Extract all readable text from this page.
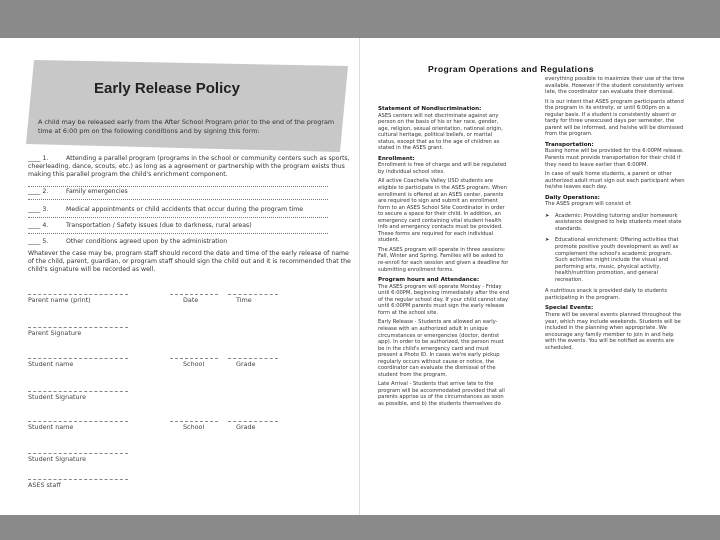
Early Release Policy
A child may be released early from the After School Program prior to the end of the program time at 6:00 pm on the following conditions and by signing this form:
____ 1.	Attending a parallel program (programs in the school or community centers such as sports, cheerleading, dance, scouts, etc.) as long as a agreement or partnership with the program exists thus making this parallel program the child's enrichment component.
____ 2.	Family emergencies
____ 3.	Medical appointments or child accidents that occur during the program time
____ 4.	Transportation / Safety issues (due to darkness, rural areas)
____ 5.	Other conditions agreed upon by the administration
Whatever the case may be, program staff should record the date and time of the early release of name of the child, parent, guardian, or program staff should sign the child out and it is recommended that the child's signature will be recorded as well.
Parent name (print)	Date	Time
Parent Signature
Student name	School	Grade
Student Signature
Student name	School	Grade
Student Signature
ASES staff
Program Operations and Regulations
Statement of Nondiscrimination:

ASES centers will not discriminate against any person on the basis of his or her race, gender, age, religion, sexual orientation, national origin, cultural heritage, political beliefs, or marital status, except that as to the age of children as stated in the ASES grant.

Enrollment:

Enrollment is free of charge and will be regulated by individual school sites.

All active Coachella Valley USD students are eligible to participate in the ASES program. When enrollment is offered at an ASES center, parents are required to sign and submit an enrollment form to an ASES School Site Coordinator in order to secure a space for their child. In addition, an emergency card containing vital student health info and emergency contacts must be provided. These forms are required for each individual student.

The ASES program will operate in three sessions: Fall, Winter and Spring. Families will be asked to re-enroll for each session and given a deadline for submitting enrollment forms.

Program hours and Attendance:

The ASES program will operate Monday - Friday until 6:00PM, beginning immediately after the end of the regular school day. If your child cannot stay until 6:00PM parents must sign the early release form at the school site.

Early Release - Students are allowed an early-release with an authorized adult in unique circumstances or emergencies (doctor, dentist app). In order to be authorized, the person must be in the child's emergency card and must present a Photo ID. In cases we're early pickup regularly occurs without cause or notice, the coordinator can evaluate the dismissal of the student from the program.

Late Arrival - Students that arrive late to the program will be accommodated provided that all parents apprise us of the circumstances as soon as possible, and b) the students themselves do

everything possible to maximize their use of the time available. However if the student consistently arrives late, the coordinator can evaluate their dismissal.

It is our intent that ASES program participants attend the program in its entirety, or until 6:00pm on a regular basis. If a student is consistently absent or tardy for three unexcused days per semester, the parent will be informed, and he/she will be dismissed from the program.

Transportation:

Busing home will be provided for the 6:00PM release. Parents must provide transportation for their child if they need to leave earlier than 6:00PM.

In case of walk home students, a parent or other authorized adult must sign out each participant when he/she leaves each day.

Daily Operations:

The ASES program will consist of:

➤ Academic: Providing tutoring and/or homework assistance designed to help students meet state standards.
➤ Educational enrichment: Offering activities that promote positive youth development as well as complement the school's academic program. Such activities might include the visual and performing arts, music, physical activity, health/nutrition promotion, and general recreation.

A nutritious snack is provided daily to students participating in the program.

Special Events:

There will be several events planned throughout the year, which may include weekends. Students will be included in the planning when appropriate. We encourage any family member to join in and help with the events. You will be notified as events are scheduled.
